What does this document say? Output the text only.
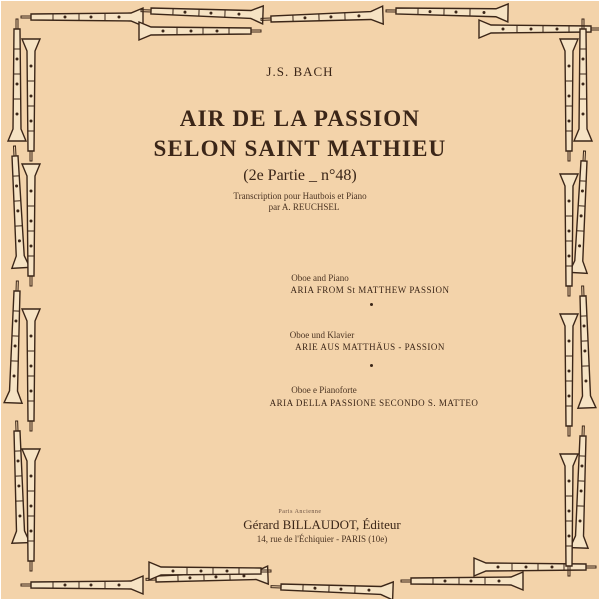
J.S. BACH
AIR DE LA PASSION
SELON SAINT MATHIEU
(2e Partie _ n°48)
Transcription pour Hautbois et Piano
par A. REUCHSEL
Oboe and Piano
ARIA FROM St MATTHEW PASSION
Oboe und Klavier
ARIE AUS MATTHÄUS - PASSION
Oboe e Pianoforte
ARIA DELLA PASSIONE SECONDO S. MATTEO
Paris Ancienne
Gérard BILLAUDOT, Éditeur
14, rue de l'Échiquier - PARIS (10e)
